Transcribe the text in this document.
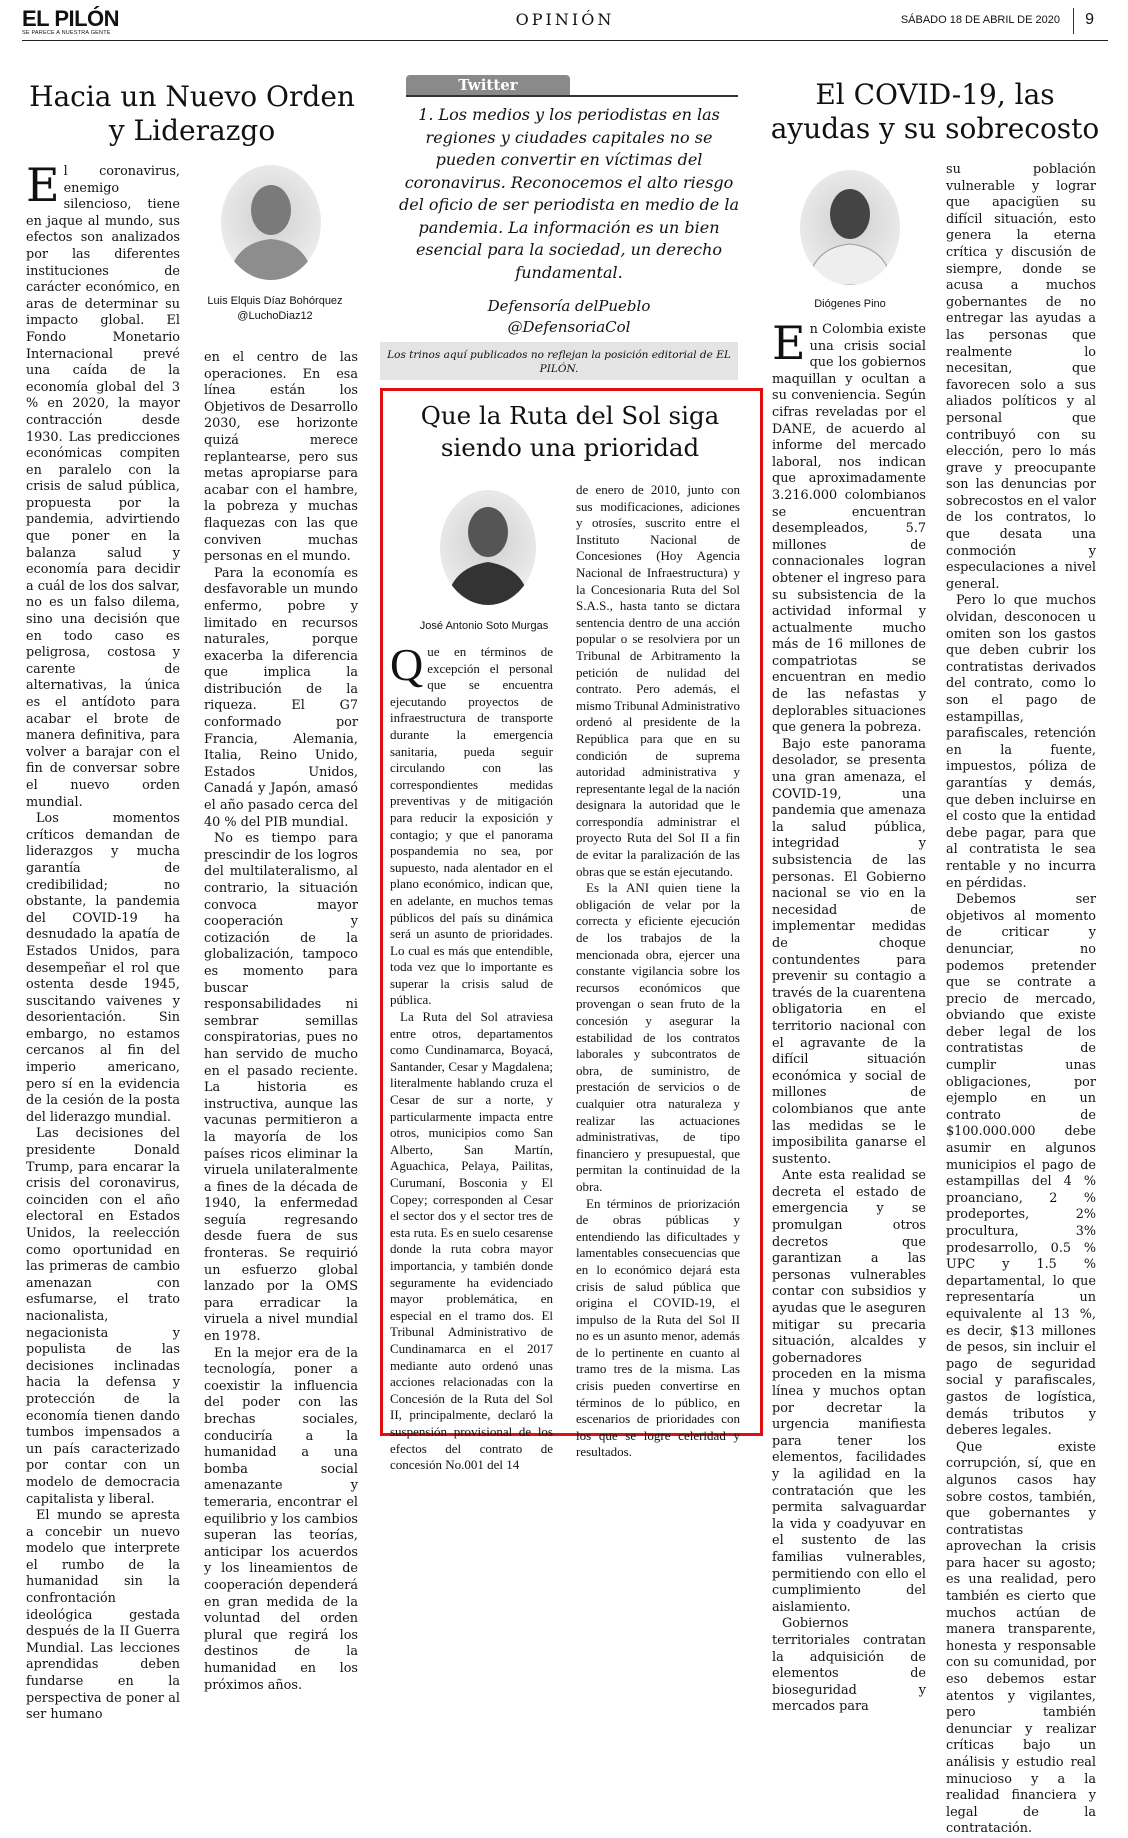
EL PILÓN
SE PARECE A NUESTRA GENTE
OPINIÓN	SÁBADO 18 DE ABRIL DE 2020 9
Hacia un Nuevo Orden y Liderazgo
Luis Elquis Díaz Bohórquez
@LuchoDiaz12
E l coronavirus, enemigo silencioso, tiene en jaque al mundo, sus efectos son analizados por las diferentes instituciones de carácter económico, en aras de determinar su impacto global. El Fondo Monetario Internacional prevé una caída de la economía global del 3 % en 2020, la mayor contracción desde 1930. Las predicciones económicas compiten en paralelo con la crisis de salud pública, propuesta por la pandemia, advirtiendo que poner en la balanza salud y economía para decidir a cuál de los dos salvar, no es un falso dilema, sino una decisión que en todo caso es peligrosa, costosa y carente de alternativas, la única es el antídoto para acabar el brote de manera definitiva, para volver a barajar con el fin de conversar sobre el nuevo orden mundial.

Los momentos críticos demandan de liderazgos y mucha garantía de credibilidad; no obstante, la pandemia del COVID-19 ha desnudado la apatía de Estados Unidos, para desempeñar el rol que ostenta desde 1945, suscitando vaivenes y desorientación. Sin embargo, no estamos cercanos al fin del imperio americano, pero sí en la evidencia de la cesión de la posta del liderazgo mundial.

Las decisiones del presidente Donald Trump, para encarar la crisis del coronavirus, coinciden con el año electoral en Estados Unidos, la reelección como oportunidad en las primeras de cambio amenazan con esfumarse, el trato nacionalista, negacionista y populista de las decisiones inclinadas hacia la defensa y protección de la economía tienen dando tumbos impensados a un país caracterizado por contar con un modelo de democracia capitalista y liberal.

El mundo se apresta a concebir un nuevo modelo que interprete el rumbo de la humanidad sin la confrontación ideológica gestada después de la II Guerra Mundial. Las lecciones aprendidas deben fundarse en la perspectiva de poner al ser humano

en el centro de las operaciones. En esa línea están los Objetivos de Desarrollo 2030, ese horizonte quizá merece replantearse, pero sus metas apropiarse para acabar con el hambre, la pobreza y muchas flaquezas con las que conviven muchas personas en el mundo.

Para la economía es desfavorable un mundo enfermo, pobre y limitado en recursos naturales, porque exacerba la diferencia que implica la distribución de la riqueza. El G7 conformado por Francia, Alemania, Italia, Reino Unido, Estados Unidos, Canadá y Japón, amasó el año pasado cerca del 40 % del PIB mundial.

No es tiempo para prescindir de los logros del multilateralismo, al contrario, la situación convoca mayor cooperación y cotización de la globalización, tampoco es momento para buscar responsabilidades ni sembrar semillas conspiratorias, pues no han servido de mucho en el pasado reciente. La historia es instructiva, aunque las vacunas permitieron a la mayoría de los países ricos eliminar la viruela unilateralmente a fines de la década de 1940, la enfermedad seguía regresando desde fuera de sus fronteras. Se requirió un esfuerzo global lanzado por la OMS para erradicar la viruela a nivel mundial en 1978.

En la mejor era de la tecnología, poner a coexistir la influencia del poder con las brechas sociales, conduciría a la humanidad a una bomba social amenazante y temeraria, encontrar el equilibrio y los cambios superan las teorías, anticipar los acuerdos y los lineamientos de cooperación dependerá en gran medida de la voluntad del orden plural que regirá los destinos de la humanidad en los próximos años.

Twitter
1. Los medios y los periodistas en las regiones y ciudades capitales no se pueden convertir en víctimas del coronavirus. Reconocemos el alto riesgo del oficio de ser periodista en medio de la pandemia. La información es un bien esencial para la sociedad, un derecho fundamental.
Defensoría delPueblo
@DefensoriaCol
Los trinos aquí publicados no reflejan la posición editorial de EL PILÓN.
Que la Ruta del Sol siga siendo una prioridad
José Antonio Soto Murgas
Q ue en términos de excepción el personal que se encuentra ejecutando proyectos de infraestructura de transporte durante la emergencia sanitaria, pueda seguir circulando con las correspondientes medidas preventivas y de mitigación para reducir la exposición y contagio; y que el panorama pospandemia no sea, por supuesto, nada alentador en el plano económico, indican que, en adelante, en muchos temas públicos del país su dinámica será un asunto de prioridades. Lo cual es más que entendible, toda vez que lo importante es superar la crisis salud de pública.

La Ruta del Sol atraviesa entre otros, departamentos como Cundinamarca, Boyacá, Santander, Cesar y Magdalena; literalmente hablando cruza el Cesar de sur a norte, y particularmente impacta entre otros, municipios como San Alberto, San Martín, Aguachica, Pelaya, Pailitas, Curumaní, Bosconia y El Copey; corresponden al Cesar el sector dos y el sector tres de esta ruta. Es en suelo cesarense donde la ruta cobra mayor importancia, y también donde seguramente ha evidenciado mayor problemática, en especial en el tramo dos. El Tribunal Administrativo de Cundinamarca en el 2017 mediante auto ordenó unas acciones relacionadas con la Concesión de la Ruta del Sol II, principalmente, declaró la suspensión provisional de los efectos del contrato de concesión No.001 del 14

de enero de 2010, junto con sus modificaciones, adiciones y otrosíes, suscrito entre el Instituto Nacional de Concesiones (Hoy Agencia Nacional de Infraestructura) y la Concesionaria Ruta del Sol S.A.S., hasta tanto se dictara sentencia dentro de una acción popular o se resolviera por un Tribunal de Arbitramento la petición de nulidad del contrato. Pero además, el mismo Tribunal Administrativo ordenó al presidente de la República para que en su condición de suprema autoridad administrativa y representante legal de la nación designara la autoridad que le correspondía administrar el proyecto Ruta del Sol II a fin de evitar la paralización de las obras que se están ejecutando.

Es la ANI quien tiene la obligación de velar por la correcta y eficiente ejecución de los trabajos de la mencionada obra, ejercer una constante vigilancia sobre los recursos económicos que provengan o sean fruto de la concesión y asegurar la estabilidad de los contratos laborales y subcontratos de obra, de suministro, de prestación de servicios o de cualquier otra naturaleza y realizar las actuaciones administrativas, de tipo financiero y presupuestal, que permitan la continuidad de la obra.

En términos de priorización de obras públicas y entendiendo las dificultades y lamentables consecuencias que en lo económico dejará esta crisis de salud pública que origina el COVID-19, el impulso de la Ruta del Sol II no es un asunto menor, además de lo pertinente en cuanto al tramo tres de la misma. Las crisis pueden convertirse en términos de lo público, en escenarios de prioridades con los que se logre celeridad y resultados.

El COVID-19, las ayudas y su sobrecosto
Diógenes Pino
E n Colombia existe una crisis social que los gobiernos maquillan y ocultan a su conveniencia. Según cifras reveladas por el DANE, de acuerdo al informe del mercado laboral, nos indican que aproximadamente 3.216.000 colombianos se encuentran desempleados, 5.7 millones de connacionales logran obtener el ingreso para su subsistencia de la actividad informal y actualmente mucho más de 16 millones de compatriotas se encuentran en medio de las nefastas y deplorables situaciones que genera la pobreza.

Bajo este panorama desolador, se presenta una gran amenaza, el COVID-19, una pandemia que amenaza la salud pública, integridad y subsistencia de las personas. El Gobierno nacional se vio en la necesidad de implementar medidas de choque contundentes para prevenir su contagio a través de la cuarentena obligatoria en el territorio nacional con el agravante de la difícil situación económica y social de millones de colombianos que ante las medidas se le imposibilita ganarse el sustento.

Ante esta realidad se decreta el estado de emergencia y se promulgan otros decretos que garantizan a las personas vulnerables contar con subsidios y ayudas que le aseguren mitigar su precaria situación, alcaldes y gobernadores proceden en la misma línea y muchos optan por decretar la urgencia manifiesta para tener los elementos, facilidades y la agilidad en la contratación que les permita salvaguardar la vida y coadyuvar en el sustento de las familias vulnerables, permitiendo con ello el cumplimiento del aislamiento.

Gobiernos territoriales contratan la adquisición de elementos de bioseguridad y mercados para

su población vulnerable y lograr que apacigüen su difícil situación, esto genera la eterna crítica y discusión de siempre, donde se acusa a muchos gobernantes de no entregar las ayudas a las personas que realmente lo necesitan, que favorecen solo a sus aliados políticos y al personal que contribuyó con su elección, pero lo más grave y preocupante son las denuncias por sobrecostos en el valor de los contratos, lo que desata una conmoción y especulaciones a nivel general.

Pero lo que muchos olvidan, desconocen u omiten son los gastos que deben cubrir los contratistas derivados del contrato, como lo son el pago de estampillas, parafiscales, retención en la fuente, impuestos, póliza de garantías y demás, que deben incluirse en el costo que la entidad debe pagar, para que al contratista le sea rentable y no incurra en pérdidas.

Debemos ser objetivos al momento de criticar y denunciar, no podemos pretender que se contrate a precio de mercado, obviando que existe deber legal de los contratistas de cumplir unas obligaciones, por ejemplo en un contrato de $100.000.000 debe asumir en algunos municipios el pago de estampillas del 4 % proanciano, 2 % prodeportes, 2% procultura, 3% prodesarrollo, 0.5 % UPC y 1.5 % departamental, lo que representaría un equivalente al 13 %, es decir, $13 millones de pesos, sin incluir el pago de seguridad social y parafiscales, gastos de logística, demás tributos y deberes legales.

Que existe corrupción, sí, que en algunos casos hay sobre costos, también, que gobernantes y contratistas aprovechan la crisis para hacer su agosto; es una realidad, pero también es cierto que muchos actúan de manera transparente, honesta y responsable con su comunidad, por eso debemos estar atentos y vigilantes, pero también denunciar y realizar críticas bajo un análisis y estudio real minucioso y a la realidad financiera y legal de la contratación.
